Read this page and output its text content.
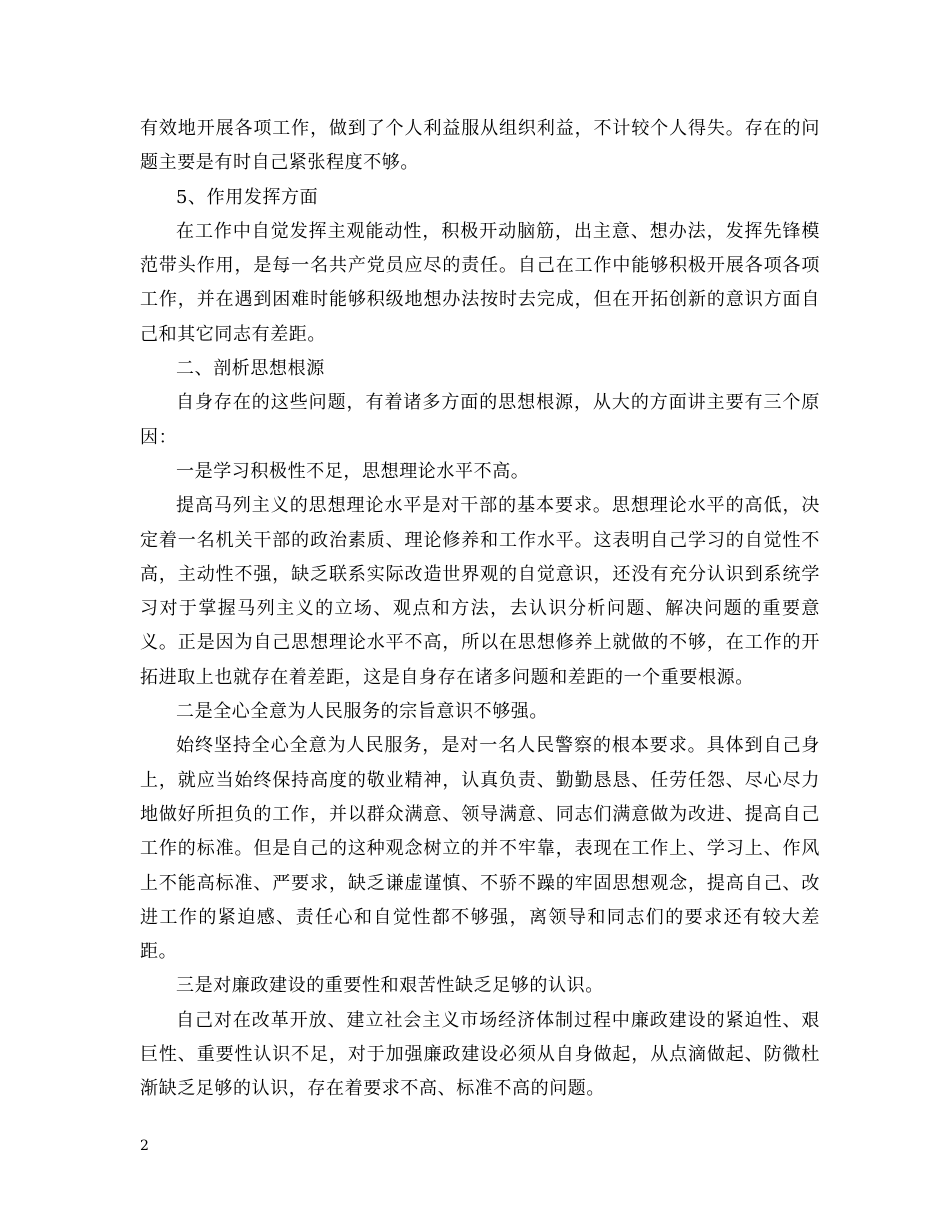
有效地开展各项工作，做到了个人利益服从组织利益，不计较个人得失。存在的问题主要是有时自己紧张程度不够。

5、作用发挥方面

在工作中自觉发挥主观能动性，积极开动脑筋，出主意、想办法，发挥先锋模范带头作用，是每一名共产党员应尽的责任。自己在工作中能够积极开展各项各项工作，并在遇到困难时能够积级地想办法按时去完成，但在开拓创新的意识方面自己和其它同志有差距。

二、剖析思想根源

自身存在的这些问题，有着诸多方面的思想根源，从大的方面讲主要有三个原因：

一是学习积极性不足，思想理论水平不高。

提高马列主义的思想理论水平是对干部的基本要求。思想理论水平的高低，决定着一名机关干部的政治素质、理论修养和工作水平。这表明自己学习的自觉性不高，主动性不强，缺乏联系实际改造世界观的自觉意识，还没有充分认识到系统学习对于掌握马列主义的立场、观点和方法，去认识分析问题、解决问题的重要意义。正是因为自己思想理论水平不高，所以在思想修养上就做的不够，在工作的开拓进取上也就存在着差距，这是自身存在诸多问题和差距的一个重要根源。

二是全心全意为人民服务的宗旨意识不够强。

始终坚持全心全意为人民服务，是对一名人民警察的根本要求。具体到自己身上，就应当始终保持高度的敬业精神，认真负责、勤勤恳恳、任劳任怨、尽心尽力地做好所担负的工作，并以群众满意、领导满意、同志们满意做为改进、提高自己工作的标准。但是自己的这种观念树立的并不牢靠，表现在工作上、学习上、作风上不能高标准、严要求，缺乏谦虚谨慎、不骄不躁的牢固思想观念，提高自己、改进工作的紧迫感、责任心和自觉性都不够强，离领导和同志们的要求还有较大差距。

三是对廉政建设的重要性和艰苦性缺乏足够的认识。

自己对在改革开放、建立社会主义市场经济体制过程中廉政建设的紧迫性、艰巨性、重要性认识不足，对于加强廉政建设必须从自身做起，从点滴做起、防微杜渐缺乏足够的认识，存在着要求不高、标准不高的问题。

2
